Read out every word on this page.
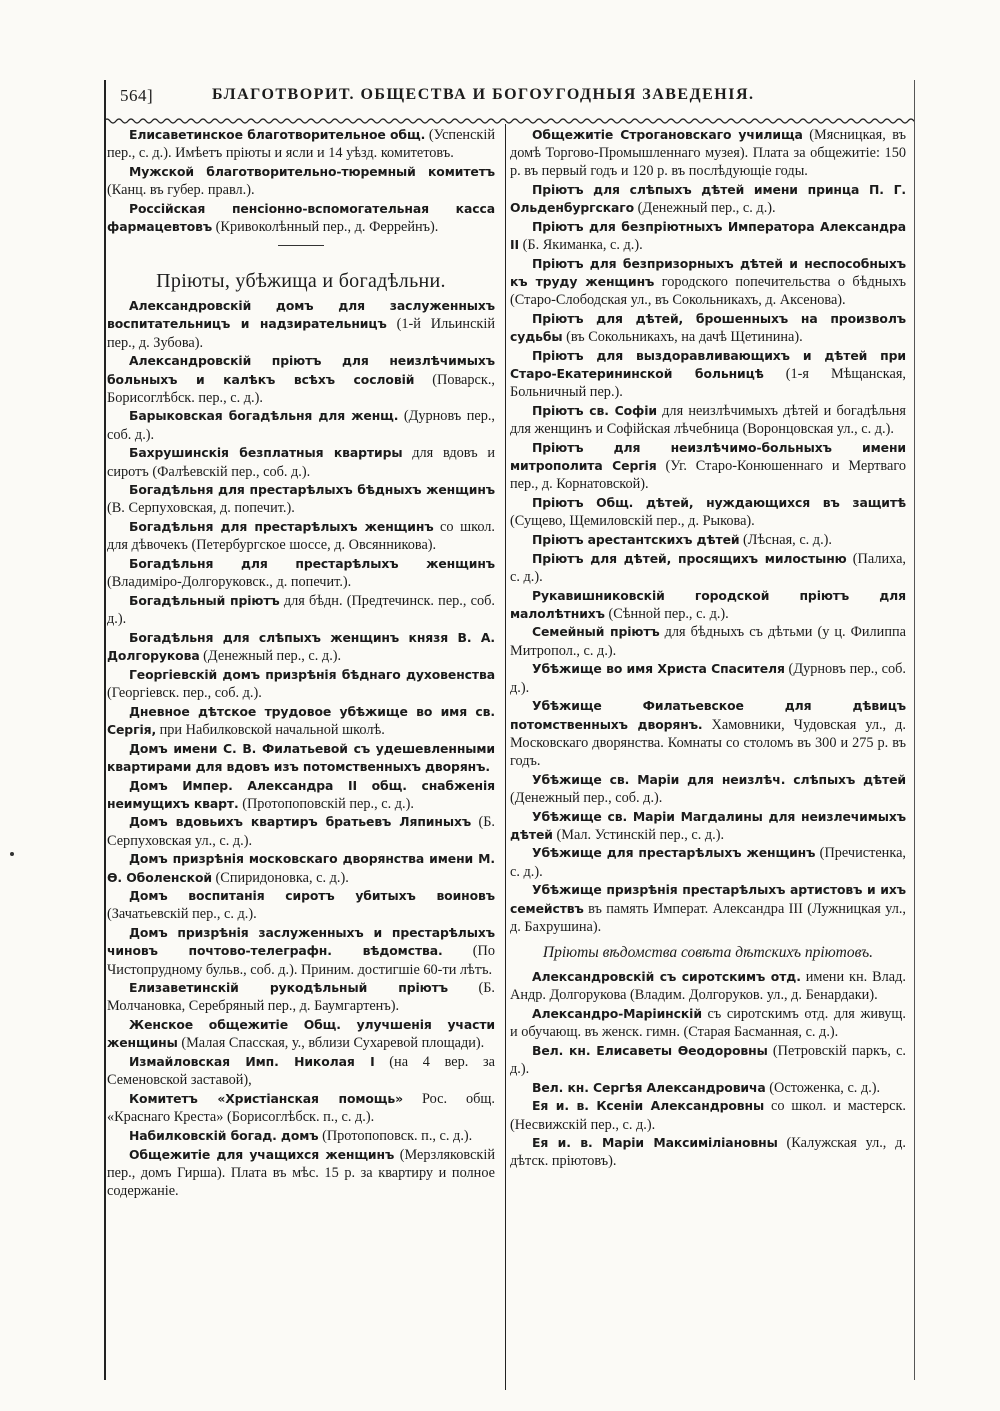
564]	БЛАГОТВОРИТ. ОБЩЕСТВА И БОГОУГОДНЫЯ ЗАВЕДЕНІЯ.

Елисаветинское благотворительное общ. (Успенскій пер., с. д.). Имѣетъ пріюты и ясли и 14 уѣзд. комитетовъ.

Мужской благотворительно-тюремный комитетъ (Канц. въ губер. правл.).

Россійская пенсіонно-вспомогательная касса фармацевтовъ (Кривоколѣнный пер., д. Феррейнъ).

Пріюты, убѣжища и богадѣльни.

Александровскій домъ для заслуженныхъ воспитательницъ и надзирательницъ (1-й Ильинскій пер., д. Зубова).

Александровскій пріютъ для неизлѣчимыхъ больныхъ и калѣкъ всѣхъ сословій (Поварск., Борисоглѣбск. пер., с. д.).

Барыковская богадѣльня для женщ. (Дурновъ пер., соб. д.).

Бахрушинскія безплатныя квартиры для вдовъ и сиротъ (Фалѣевскій пер., соб. д.).

Богадѣльня для престарѣлыхъ бѣдныхъ женщинъ (В. Серпуховская, д. попечит.).

Богадѣльня для престарѣлыхъ женщинъ со школ. для дѣвочекъ (Петербургское шоссе, д. Овсянникова).

Богадѣльня для престарѣлыхъ женщинъ (Владиміро-Долгоруковск., д. попечит.).

Богадѣльный пріютъ для бѣдн. (Предтечинск. пер., соб. д.).

Богадѣльня для слѣпыхъ женщинъ князя В. А. Долгорукова (Денежный пер., с. д.).

Георгіевскій домъ призрѣнія бѣднаго духовенства (Георгіевск. пер., соб. д.).

Дневное дѣтское трудовое убѣжище во имя св. Сергія, при Набилковской начальной школѣ.

Домъ имени С. В. Филатьевой съ удешевленными квартирами для вдовъ изъ потомственныхъ дворянъ.

Домъ Импер. Александра II общ. снабженія неимущихъ кварт. (Протопоповскій пер., с. д.).

Домъ вдовьихъ квартиръ братьевъ Ляпиныхъ (Б. Серпуховская ул., с. д.).

Домъ призрѣнія московскаго дворянства имени М. Ѳ. Оболенской (Спиридоновка, с. д.).

Домъ воспитанія сиротъ убитыхъ воиновъ (Зачатьевскій пер., с. д.).

Домъ призрѣнія заслуженныхъ и престарѣлыхъ чиновъ почтово-телеграфн. вѣдомства. (По Чистопрудному бульв., соб. д.). Приним. достигшіе 60-ти лѣтъ.

Елизаветинскій рукодѣльный пріютъ (Б. Молчановка, Серебряный пер., д. Баумгартенъ).

Женское общежитіе Общ. улучшенія участи женщины (Малая Спасская, у., вблизи Сухаревой площади).

Измайловская Имп. Николая I (на 4 вер. за Семеновской заставой),

Комитетъ «Христіанская помощь» Рос. общ. «Краснаго Креста» (Борисоглѣбск. п., с. д.).

Набилковскій богад. домъ (Протопоповск. п., с. д.).

Общежитіе для учащихся женщинъ (Мерзляковскій пер., домъ Гирша). Плата въ мѣс. 15 р. за квартиру и полное содержаніе.

Общежитіе Строгановскаго училища (Мясницкая, въ домѣ Торгово-Промышленнаго музея). Плата за общежитіе: 150 р. въ первый годъ и 120 р. въ послѣдующіе годы.

Пріютъ для слѣпыхъ дѣтей имени принца П. Г. Ольденбургскаго (Денежный пер., с. д.).

Пріютъ для безпріютныхъ Императора Александра II (Б. Якиманка, с. д.).

Пріютъ для безпризорныхъ дѣтей и неспособныхъ къ труду женщинъ городского попечительства о бѣдныхъ (Старо-Слободская ул., въ Сокольникахъ, д. Аксенова).

Пріютъ для дѣтей, брошенныхъ на произволъ судьбы (въ Сокольникахъ, на дачѣ Щетинина).

Пріютъ для выздоравливающихъ и дѣтей при Старо-Екатерининской больницѣ (1-я Мѣщанская, Больничный пер.).

Пріютъ св. Софіи для неизлѣчимыхъ дѣтей и богадѣльня для женщинъ и Софійская лѣчебница (Воронцовская ул., с. д.).

Пріютъ для неизлѣчимо-больныхъ имени митрополита Сергія (Уг. Старо-Конюшеннаго и Мертваго пер., д. Корнатовской).

Пріютъ Общ. дѣтей, нуждающихся въ защитѣ (Сущево, Щемиловскій пер., д. Рыкова).

Пріютъ арестантскихъ дѣтей (Лѣсная, с. д.).

Пріютъ для дѣтей, просящихъ милостыню (Палиха, с. д.).

Рукавишниковскій городской пріютъ для малолѣтнихъ (Сѣнной пер., с. д.).

Семейный пріютъ для бѣдныхъ съ дѣтьми (у ц. Филиппа Митропол., с. д.).

Убѣжище во имя Христа Спасителя (Дурновъ пер., соб. д.).

Убѣжище Филатьевское для дѣвицъ потомственныхъ дворянъ. Хамовники, Чудовская ул., д. Московскаго дворянства. Комнаты со столомъ въ 300 и 275 р. въ годъ.

Убѣжище св. Маріи для неизлѣч. слѣпыхъ дѣтей (Денежный пер., соб. д.).

Убѣжище св. Маріи Магдалины для неизлечимыхъ дѣтей (Мал. Устинскій пер., с. д.).

Убѣжище для престарѣлыхъ женщинъ (Пречистенка, с. д.).

Убѣжище призрѣнія престарѣлыхъ артистовъ и ихъ семействъ въ память Императ. Александра III (Лужницкая ул., д. Бахрушина).

Пріюты вѣдомства совѣта дѣтскихъ пріютовъ.

Александровскій съ сиротскимъ отд. имени кн. Влад. Андр. Долгорукова (Владим. Долгоруков. ул., д. Бенардаки).

Александро-Маріинскій съ сиротскимъ отд. для живущ. и обучающ. въ женск. гимн. (Старая Басманная, с. д.).

Вел. кн. Елисаветы Ѳеодоровны (Петровскій паркъ, с. д.).

Вел. кн. Сергѣя Александровича (Остоженка, с. д.).

Ея и. в. Ксеніи Александровны со школ. и мастерск. (Несвижскій пер., с. д.).

Ея и. в. Маріи Максиміліановны (Калужская ул., д. дѣтск. пріютовъ).
